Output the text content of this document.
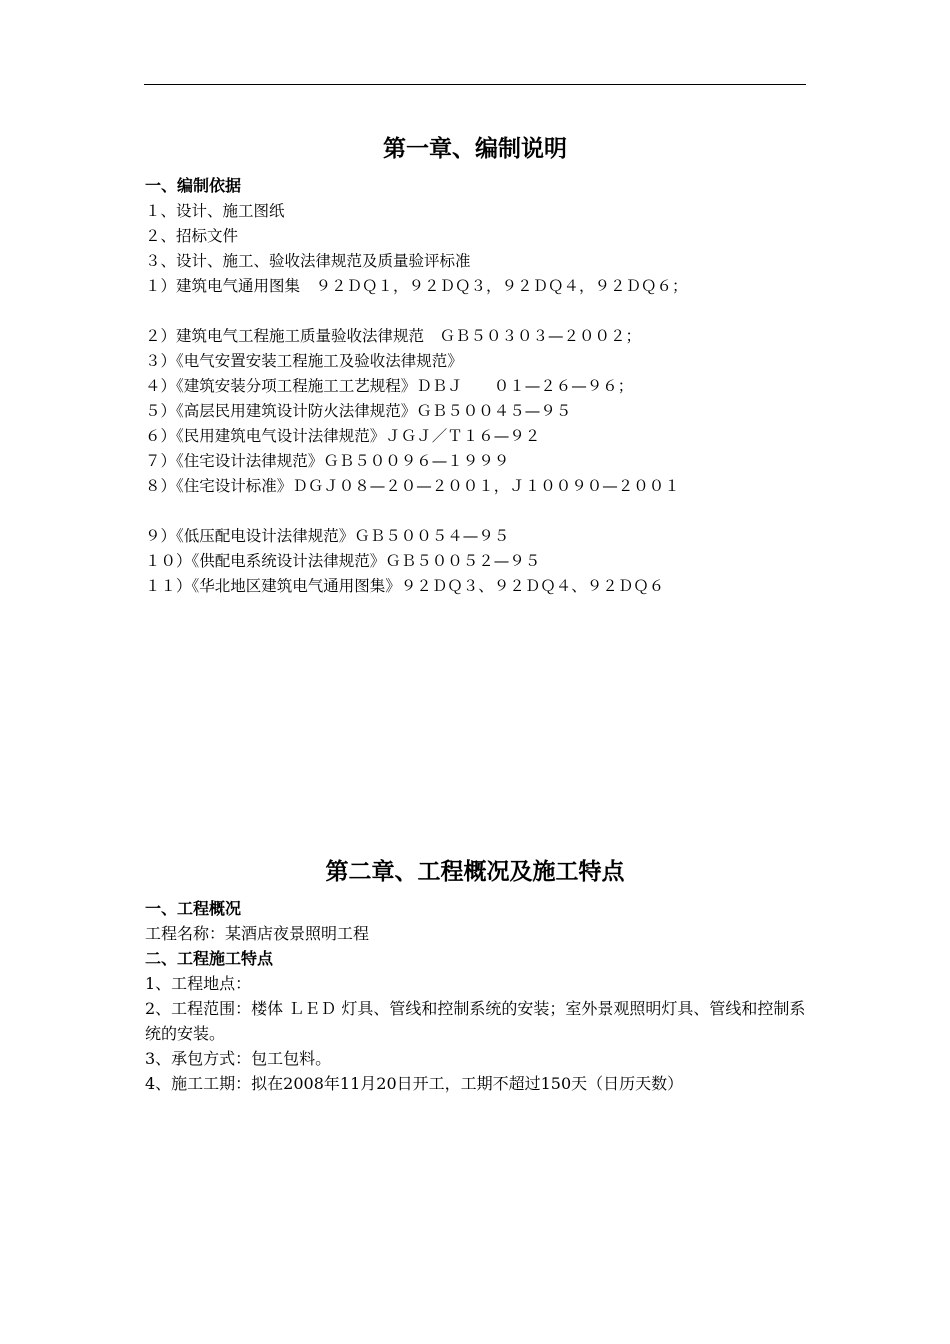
第一章、编制说明
一、编制依据
１、设计、施工图纸
２、招标文件
３、设计、施工、验收法律规范及质量验评标准
１）建筑电气通用图集　９２ＤＱ１，９２ＤＱ３，９２ＤＱ４，９２ＤＱ６；
２）建筑电气工程施工质量验收法律规范　ＧＢ５０３０３—２００２；
３）《电气安置安装工程施工及验收法律规范》
４）《建筑安装分项工程施工工艺规程》ＤＢＪ　　０１—２６—９６；
５）《高层民用建筑设计防火法律规范》ＧＢ５００４５—９５
６）《民用建筑电气设计法律规范》ＪＧＪ／Ｔ１６—９２
７）《住宅设计法律规范》ＧＢ５００９６—１９９９
８）《住宅设计标准》ＤＧＪ０８—２０—２００１，Ｊ１００９０—２００１
９）《低压配电设计法律规范》ＧＢ５００５４—９５
１０）《供配电系统设计法律规范》ＧＢ５００５２—９５
１１）《华北地区建筑电气通用图集》９２ＤＱ３、９２ＤＱ４、９２ＤＱ６
第二章、工程概况及施工特点
一、工程概况
工程名称：某酒店夜景照明工程
二、工程施工特点
1、工程地点：
2、工程范围：楼体 ＬＥＤ 灯具、管线和控制系统的安装；室外景观照明灯具、管线和控制系统的安装。
3、承包方式：包工包料。
4、施工工期：拟在2008年11月20日开工，工期不超过150天（日历天数）
